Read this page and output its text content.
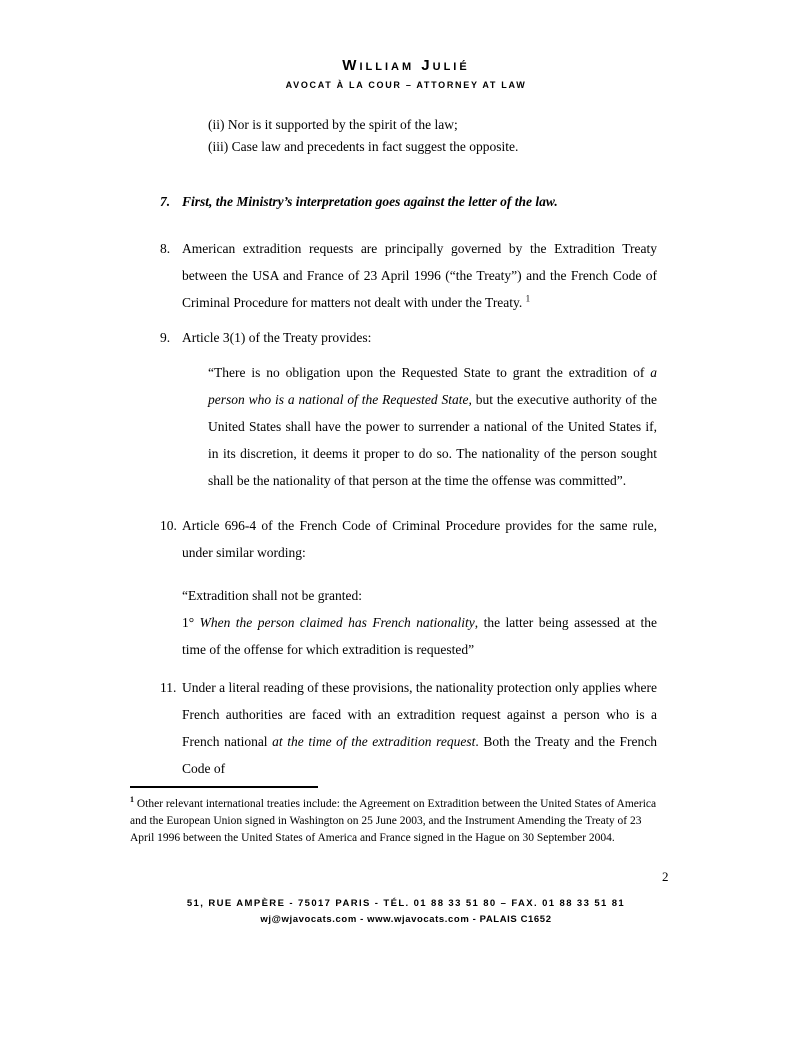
William Julié
AVOCAT À LA COUR – ATTORNEY AT LAW

(ii) Nor is it supported by the spirit of the law;

(iii) Case law and precedents in fact suggest the opposite.

7. First, the Ministry’s interpretation goes against the letter of the law.
8. American extradition requests are principally governed by the Extradition Treaty between the USA and France of 23 April 1996 (“the Treaty”) and the French Code of Criminal Procedure for matters not dealt with under the Treaty. $^1$
9. Article 3(1) of the Treaty provides:
“There is no obligation upon the Requested State to grant the extradition of a person who is a national of the Requested State, but the executive authority of the United States shall have the power to surrender a national of the United States if, in its discretion, it deems it proper to do so. The nationality of the person sought shall be the nationality of that person at the time the offense was committed”.
10. Article 696-4 of the French Code of Criminal Procedure provides for the same rule, under similar wording:

“Extradition shall not be granted:

1° When the person claimed has French nationality, the latter being assessed at the time of the offense for which extradition is requested”

11. Under a literal reading of these provisions, the nationality protection only applies where French authorities are faced with an extradition request against a person who is a French national at the time of the extradition request. Both the Treaty and the French Code of

$^1$ Other relevant international treaties include: the Agreement on Extradition between the United States of America and the European Union signed in Washington on 25 June 2003, and the Instrument Amending the Treaty of 23 April 1996 between the United States of America and France signed in the Hague on 30 September 2004.

2
51, RUE AMPÈRE - 75017 PARIS - TÉL. 01 88 33 51 80 – FAX. 01 88 33 51 81
wj@wjavocats.com - www.wjavocats.com - PALAIS C1652
